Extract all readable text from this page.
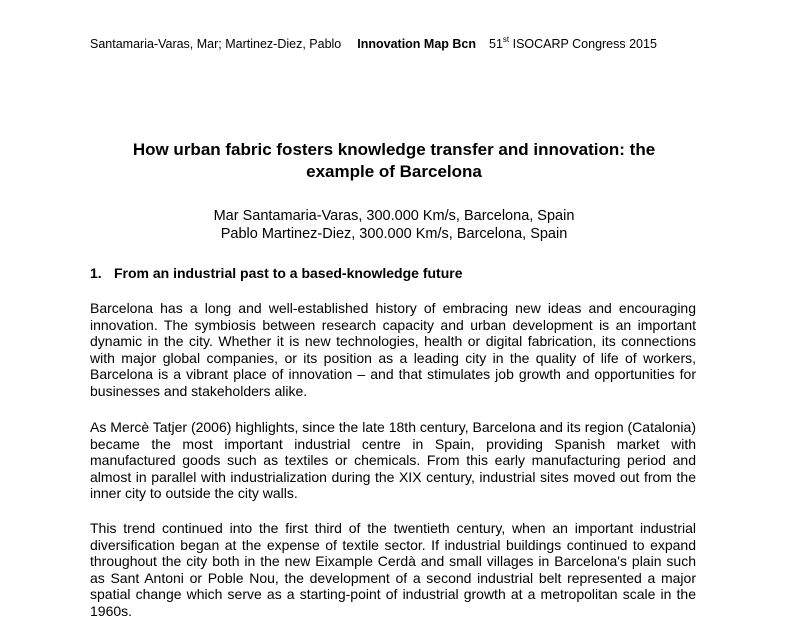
Santamaria-Varas, Mar; Martinez-Diez, Pablo Innovation Map Bcn 51st ISOCARP Congress 2015
How urban fabric fosters knowledge transfer and innovation: the
example of Barcelona
Mar Santamaria-Varas, 300.000 Km/s, Barcelona, Spain
Pablo Martinez-Diez, 300.000 Km/s, Barcelona, Spain
1. From an industrial past to a based-knowledge future

Barcelona has a long and well-established history of embracing new ideas and encouraging innovation. The symbiosis between research capacity and urban development is an important dynamic in the city. Whether it is new technologies, health or digital fabrication, its connections with major global companies, or its position as a leading city in the quality of life of workers, Barcelona is a vibrant place of innovation – and that stimulates job growth and opportunities for businesses and stakeholders alike.

As Mercè Tatjer (2006) highlights, since the late 18th century, Barcelona and its region (Catalonia) became the most important industrial centre in Spain, providing Spanish market with manufactured goods such as textiles or chemicals. From this early manufacturing period and almost in parallel with industrialization during the XIX century, industrial sites moved out from the inner city to outside the city walls.

This trend continued into the first third of the twentieth century, when an important industrial diversification began at the expense of textile sector. If industrial buildings continued to expand throughout the city both in the new Eixample Cerdà and small villages in Barcelona's plain such as Sant Antoni or Poble Nou, the development of a second industrial belt represented a major spatial change which serve as a starting-point of industrial growth at a metropolitan scale in the 1960s.
